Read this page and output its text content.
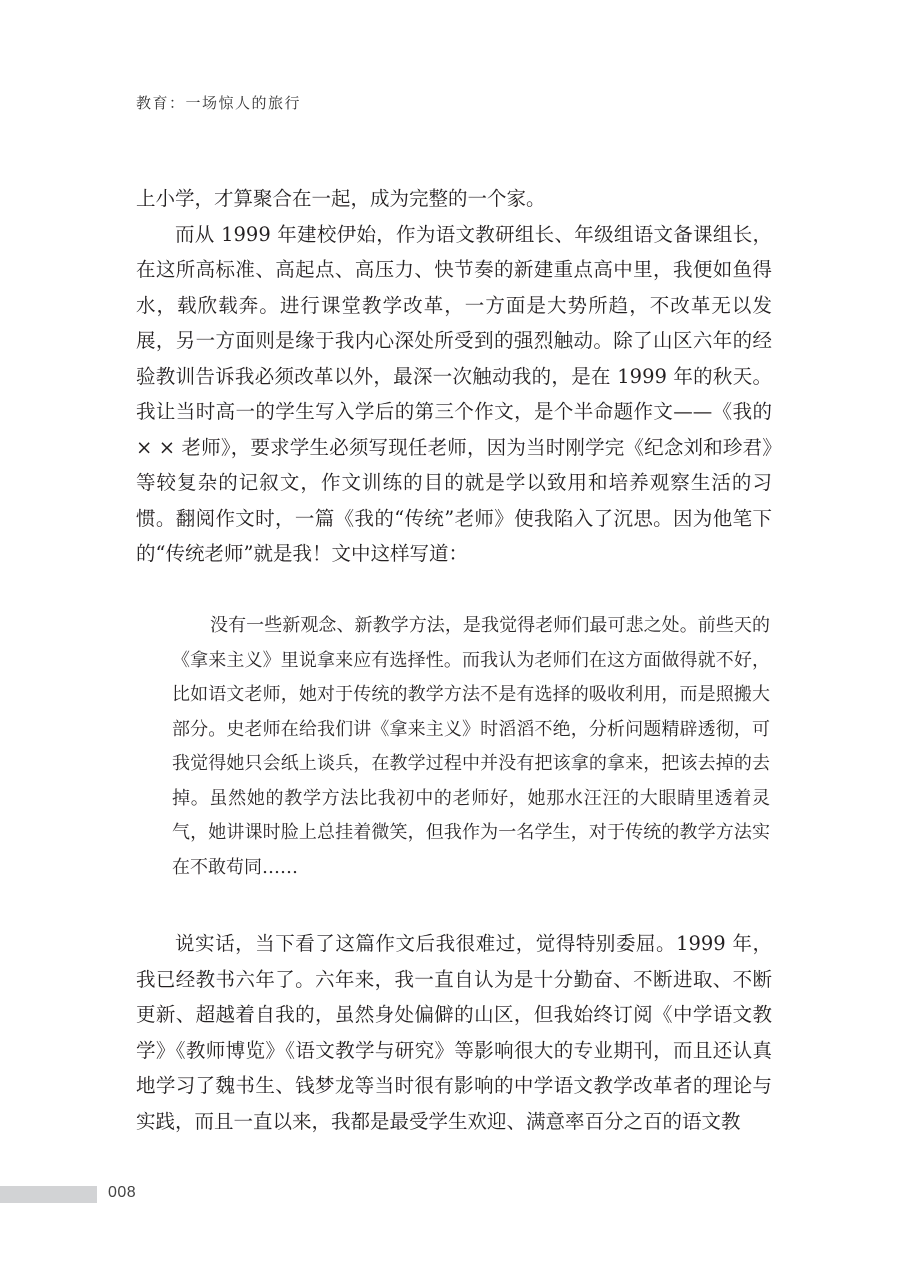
教育：一场惊人的旅行

上小学，才算聚合在一起，成为完整的一个家。

而从 1999 年建校伊始，作为语文教研组长、年级组语文备课组长，在这所高标准、高起点、高压力、快节奏的新建重点高中里，我便如鱼得水，载欣载奔。进行课堂教学改革，一方面是大势所趋，不改革无以发展，另一方面则是缘于我内心深处所受到的强烈触动。除了山区六年的经验教训告诉我必须改革以外，最深一次触动我的，是在 1999 年的秋天。我让当时高一的学生写入学后的第三个作文，是个半命题作文——《我的 × × 老师》，要求学生必须写现任老师，因为当时刚学完《纪念刘和珍君》等较复杂的记叙文，作文训练的目的就是学以致用和培养观察生活的习惯。翻阅作文时，一篇《我的“传统”老师》使我陷入了沉思。因为他笔下的“传统老师”就是我！文中这样写道：

没有一些新观念、新教学方法，是我觉得老师们最可悲之处。前些天的《拿来主义》里说拿来应有选择性。而我认为老师们在这方面做得就不好，比如语文老师，她对于传统的教学方法不是有选择的吸收利用，而是照搬大部分。史老师在给我们讲《拿来主义》时滔滔不绝，分析问题精辟透彻，可我觉得她只会纸上谈兵，在教学过程中并没有把该拿的拿来，把该去掉的去掉。虽然她的教学方法比我初中的老师好，她那水汪汪的大眼睛里透着灵气，她讲课时脸上总挂着微笑，但我作为一名学生，对于传统的教学方法实在不敢苟同……

说实话，当下看了这篇作文后我很难过，觉得特别委屈。1999 年，我已经教书六年了。六年来，我一直自认为是十分勤奋、不断进取、不断更新、超越着自我的，虽然身处偏僻的山区，但我始终订阅《中学语文教学》《教师博览》《语文教学与研究》等影响很大的专业期刊，而且还认真地学习了魏书生、钱梦龙等当时很有影响的中学语文教学改革者的理论与实践，而且一直以来，我都是最受学生欢迎、满意率百分之百的语文教

008
